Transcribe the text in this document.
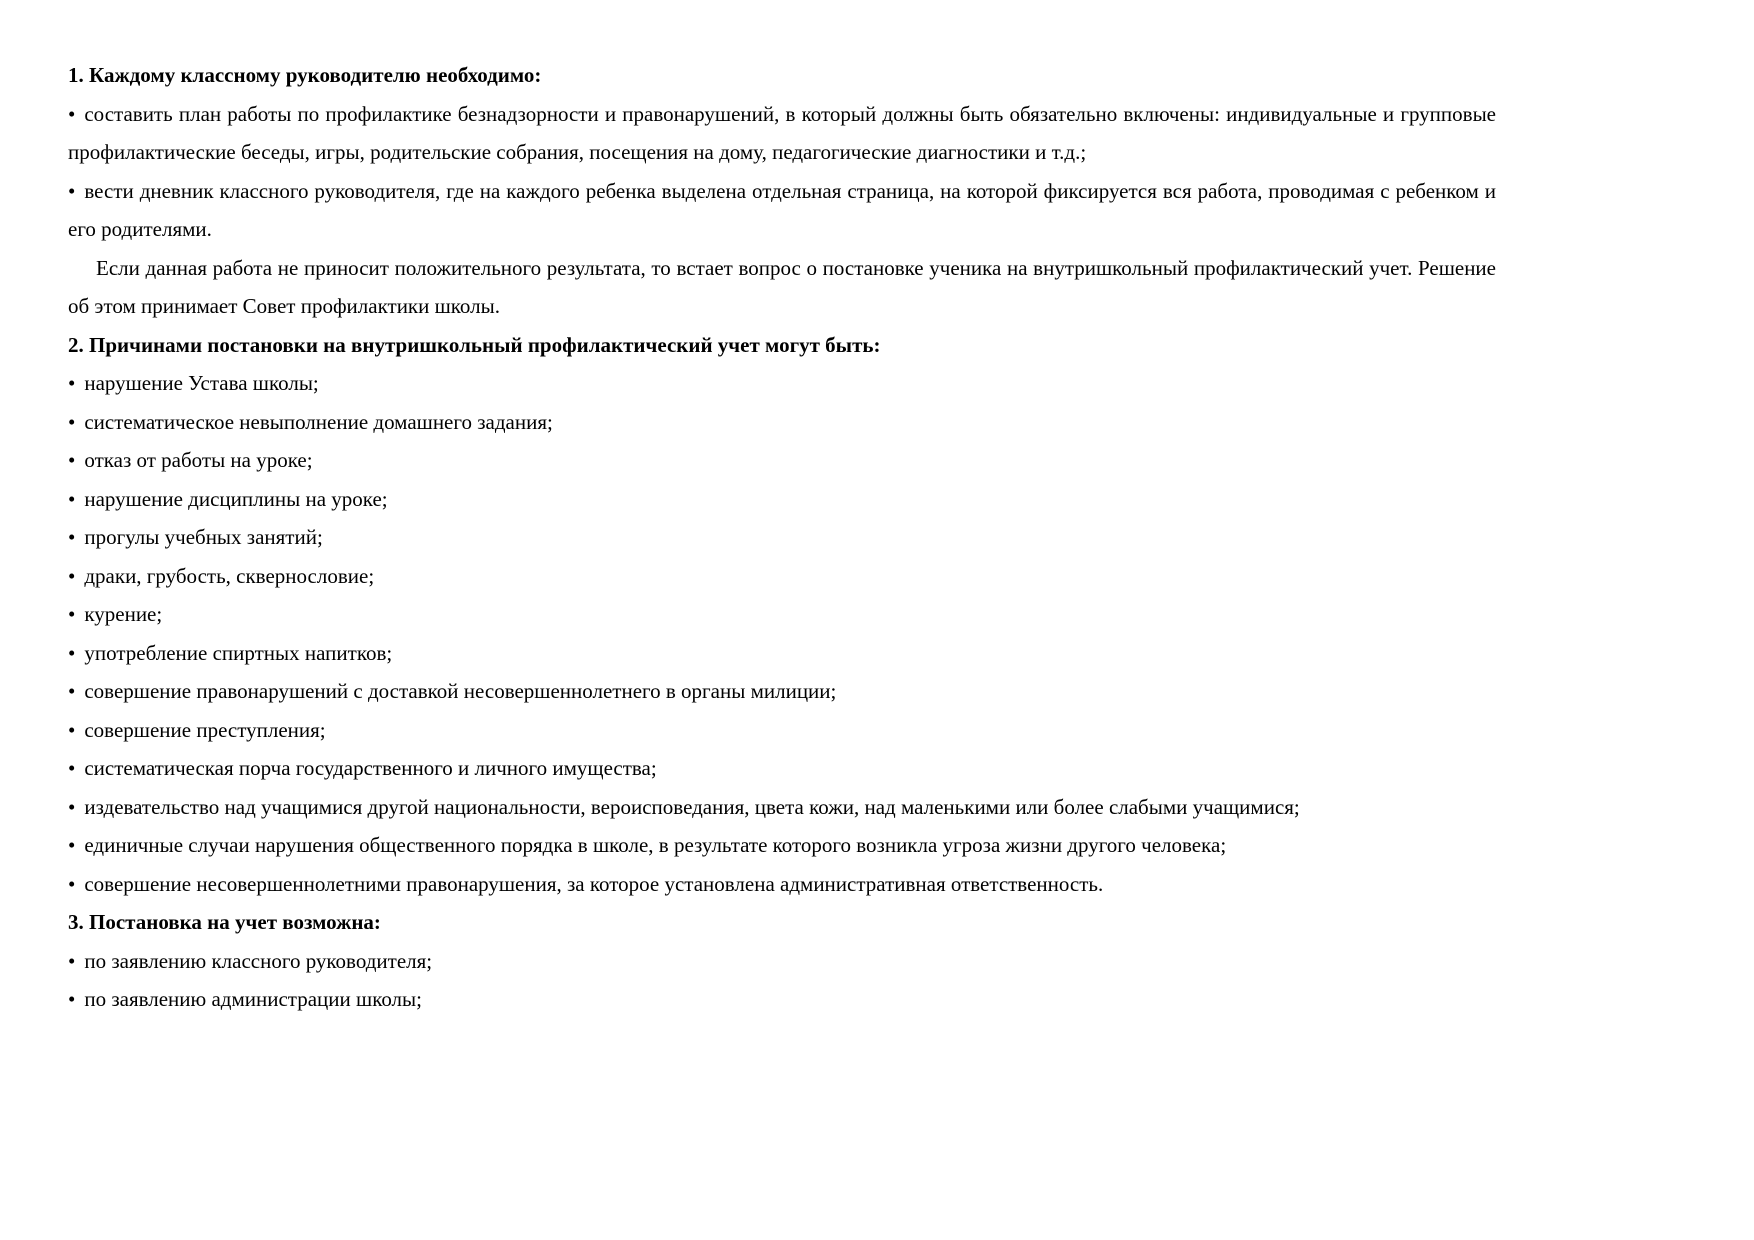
1. Каждому классному руководителю необходимо:

• составить план работы по профилактике безнадзорности и правонарушений, в который должны быть обязательно включены: индивидуальные и групповые профилактические беседы, игры, родительские собрания, посещения на дому, педагогические диагностики и т.д.;

• вести дневник классного руководителя, где на каждого ребенка выделена отдельная страница, на которой фиксируется вся работа, проводимая с ребенком и его родителями.

Если данная работа не приносит положительного результата, то встает вопрос о постановке ученика на внутришкольный профилактический учет. Решение об этом принимает Совет профилактики школы.

2. Причинами постановки на внутришкольный профилактический учет могут быть:

• нарушение Устава школы;

• систематическое невыполнение домашнего задания;

• отказ от работы на уроке;

• нарушение дисциплины на уроке;

• прогулы учебных занятий;

• драки, грубость, сквернословие;

• курение;

• употребление спиртных напитков;

• совершение правонарушений с доставкой несовершеннолетнего в органы милиции;

• совершение преступления;

• систематическая порча государственного и личного имущества;

• издевательство над учащимися другой национальности, вероисповедания, цвета кожи, над маленькими или более слабыми учащимися;

• единичные случаи нарушения общественного порядка в школе, в результате которого возникла угроза жизни другого человека;

• совершение несовершеннолетними правонарушения, за которое установлена административная ответственность.

3. Постановка на учет возможна:

• по заявлению классного руководителя;

• по заявлению администрации школы;
